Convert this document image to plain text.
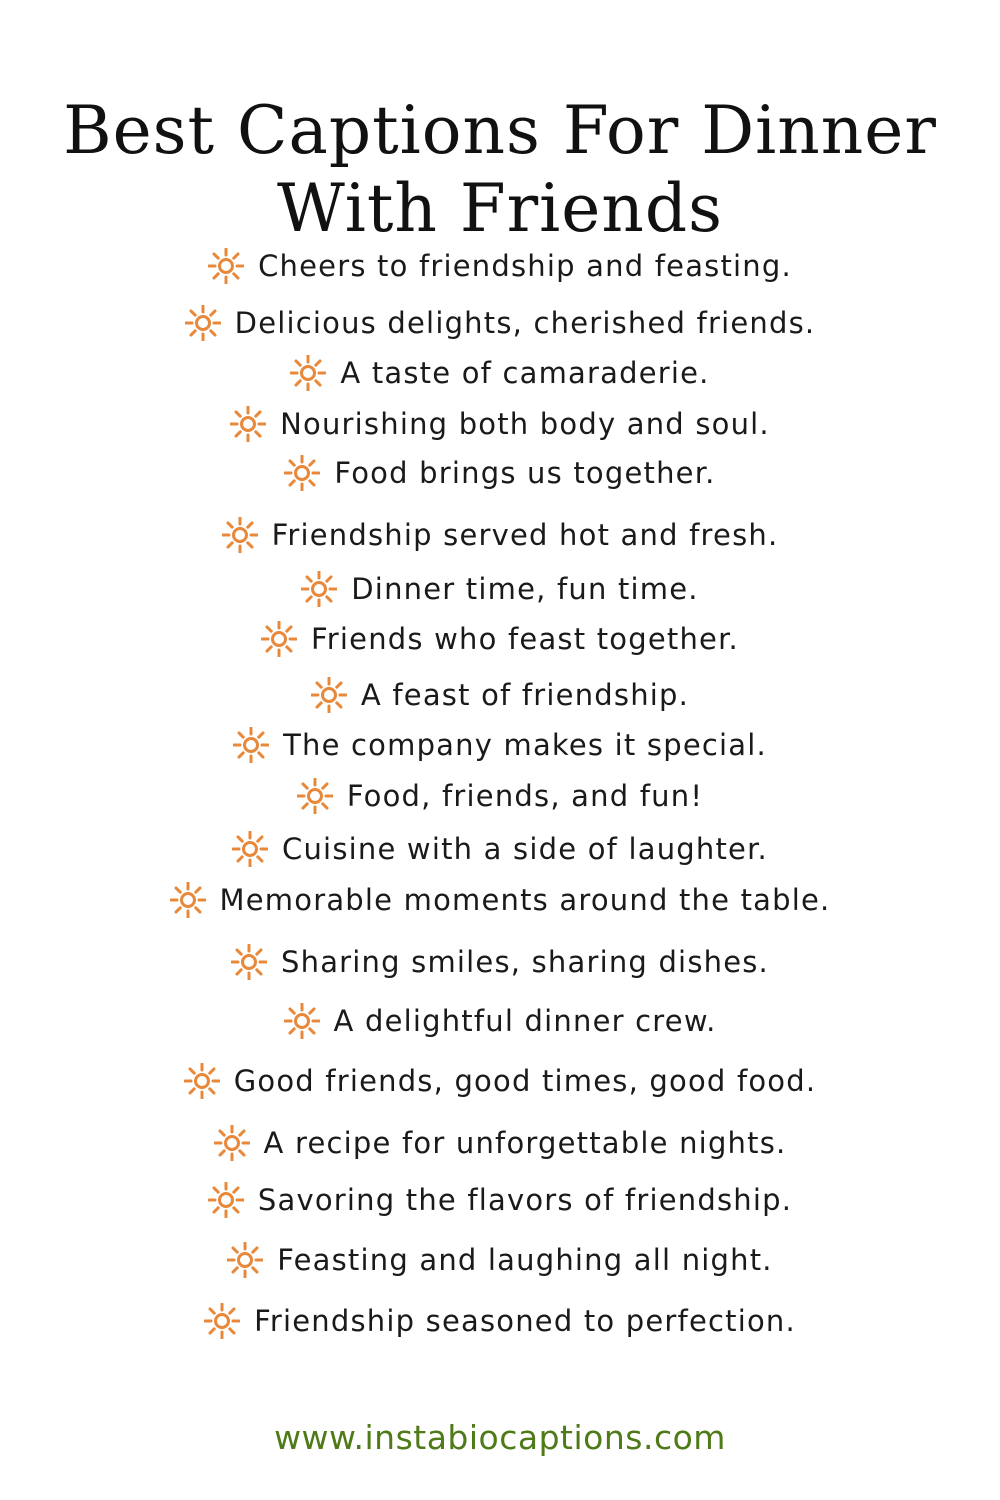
Best Captions For Dinner
With Friends
Cheers to friendship and feasting.
Delicious delights, cherished friends.
A taste of camaraderie.
Nourishing both body and soul.
Food brings us together.
Friendship served hot and fresh.
Dinner time, fun time.
Friends who feast together.
A feast of friendship.
The company makes it special.
Food, friends, and fun!
Cuisine with a side of laughter.
Memorable moments around the table.
Sharing smiles, sharing dishes.
A delightful dinner crew.
Good friends, good times, good food.
A recipe for unforgettable nights.
Savoring the flavors of friendship.
Feasting and laughing all night.
Friendship seasoned to perfection.
www.instabiocaptions.com
